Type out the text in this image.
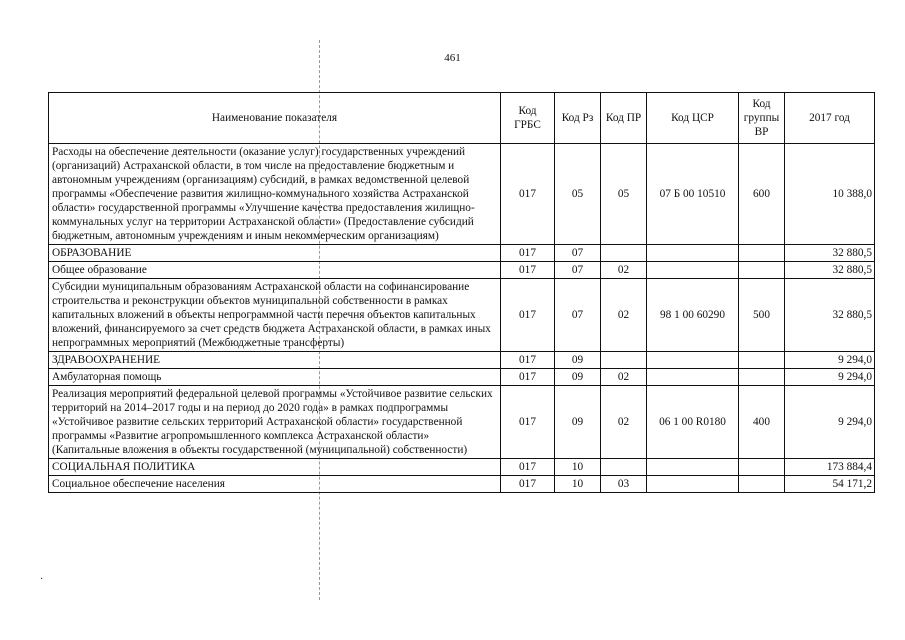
461
·
Наименование показателя	Код ГРБС	Код Рз	Код ПР	Код ЦСР	Код группы ВР	2017 год
Расходы на обеспечение деятельности (оказание услуг) государственных учреждений (организаций) Астраханской области, в том числе на предоставление бюджетным и автономным учреждениям (организациям) субсидий, в рамках ведомственной целевой программы «Обеспечение развития жилищно-коммунального хозяйства Астраханской области» государственной программы «Улучшение качества предоставления жилищно-коммунальных услуг на территории Астраханской области» (Предоставление субсидий бюджетным, автономным учреждениям и иным некоммерческим организациям)	017	05	05	07 Б 00 10510	600	10 388,0
ОБРАЗОВАНИЕ	017	07				32 880,5
Общее образование	017	07	02			32 880,5
Субсидии муниципальным образованиям Астраханской области на софинансирование строительства и реконструкции объектов муниципальной собственности в рамках капитальных вложений в объекты непрограммной части перечня объектов капитальных вложений, финансируемого за счет средств бюджета Астраханской области, в рамках иных непрограммных мероприятий (Межбюджетные трансферты)	017	07	02	98 1 00 60290	500	32 880,5
ЗДРАВООХРАНЕНИЕ	017	09				9 294,0
Амбулаторная помощь	017	09	02			9 294,0
Реализация мероприятий федеральной целевой программы «Устойчивое развитие сельских территорий на 2014–2017 годы и на период до 2020 года» в рамках подпрограммы «Устойчивое развитие сельских территорий Астраханской области» государственной программы «Развитие агропромышленного комплекса Астраханской области» (Капитальные вложения в объекты государственной (муниципальной) собственности)	017	09	02	06 1 00 R0180	400	9 294,0
СОЦИАЛЬНАЯ ПОЛИТИКА	017	10				173 884,4
Социальное обеспечение населения	017	10	03			54 171,2
